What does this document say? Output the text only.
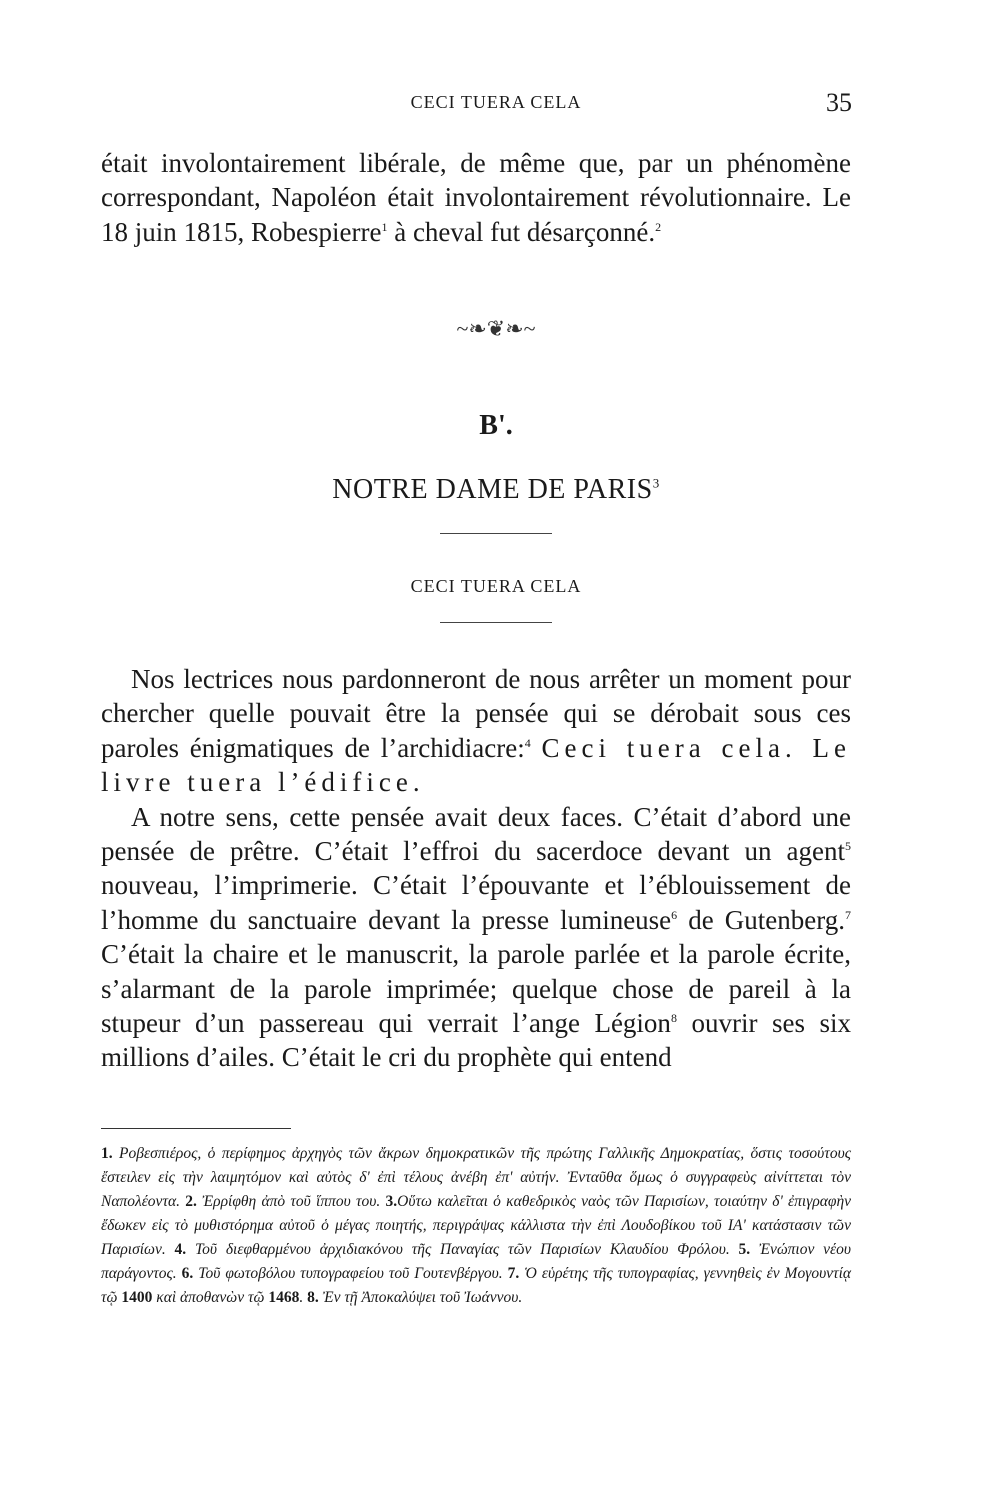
CECI TUERA CELA	35

était involontairement libérale, de même que, par un phénomène correspondant, Napoléon était involontairement révolutionnaire. Le 18 juin 1815, Robespierre$^1$ à cheval fut désarçonné.$^2$

~❧❦❧~
B'.
NOTRE DAME DE PARIS$^3$
CECI TUERA CELA

Nos lectrices nous pardonneront de nous arrêter un moment pour chercher quelle pouvait être la pensée qui se dérobait sous ces paroles énigmatiques de l’archidiacre:$^4$ Ceci tuera cela. Le livre tuera l’édifice.

A notre sens, cette pensée avait deux faces. C’était d’abord une pensée de prêtre. C’était l’effroi du sacerdoce devant un agent$^5$ nouveau, l’imprimerie. C’était l’épouvante et l’éblouissement de l’homme du sanctuaire devant la presse lumineuse$^6$ de Gutenberg.$^7$ C’était la chaire et le manuscrit, la parole parlée et la parole écrite, s’alarmant de la parole imprimée; quelque chose de pareil à la stupeur d’un passereau qui verrait l’ange Légion$^8$ ouvrir ses six millions d’ailes. C’était le cri du prophète qui entend

1. Ροβεσπιέρος, ὁ περίφημος ἀρχηγὸς τῶν ἄκρων δημοκρατικῶν τῆς πρώτης Γαλλικῆς Δημοκρατίας, ὅστις τοσούτους ἔστειλεν εἰς τὴν λαιμητόμον καὶ αὐτὸς δ' ἐπὶ τέλους ἀνέβη ἐπ' αὐτήν. Ἐνταῦθα ὅμως ὁ συγγραφεὺς αἰνίττεται τὸν Ναπολέοντα. 2. Ἐρρίφθη ἀπὸ τοῦ ἵππου του. 3.Οὕτω καλεῖται ὁ καθεδρικὸς ναὸς τῶν Παρισίων, τοιαύτην δ' ἐπιγραφὴν ἔδωκεν εἰς τὸ μυθιστόρημα αὐτοῦ ὁ μέγας ποιητής, περιγράψας κάλλιστα τὴν ἐπὶ Λουδοβίκου τοῦ ΙΑ' κατάστασιν τῶν Παρισίων. 4. Τοῦ διεφθαρμένου ἀρχιδιακόνου τῆς Παναγίας τῶν Παρισίων Κλαυδίου Φρόλου. 5. Ἐνώπιον νέου παράγοντος. 6. Τοῦ φωτοβόλου τυπογραφείου τοῦ Γουτενβέργου. 7. Ὁ εὑρέτης τῆς τυπογραφίας, γεννηθεὶς ἐν Μογουντίᾳ τῷ 1400 καὶ ἀποθανὼν τῷ 1468. 8. Ἐν τῇ Ἀποκαλύψει τοῦ Ἰωάννου.
